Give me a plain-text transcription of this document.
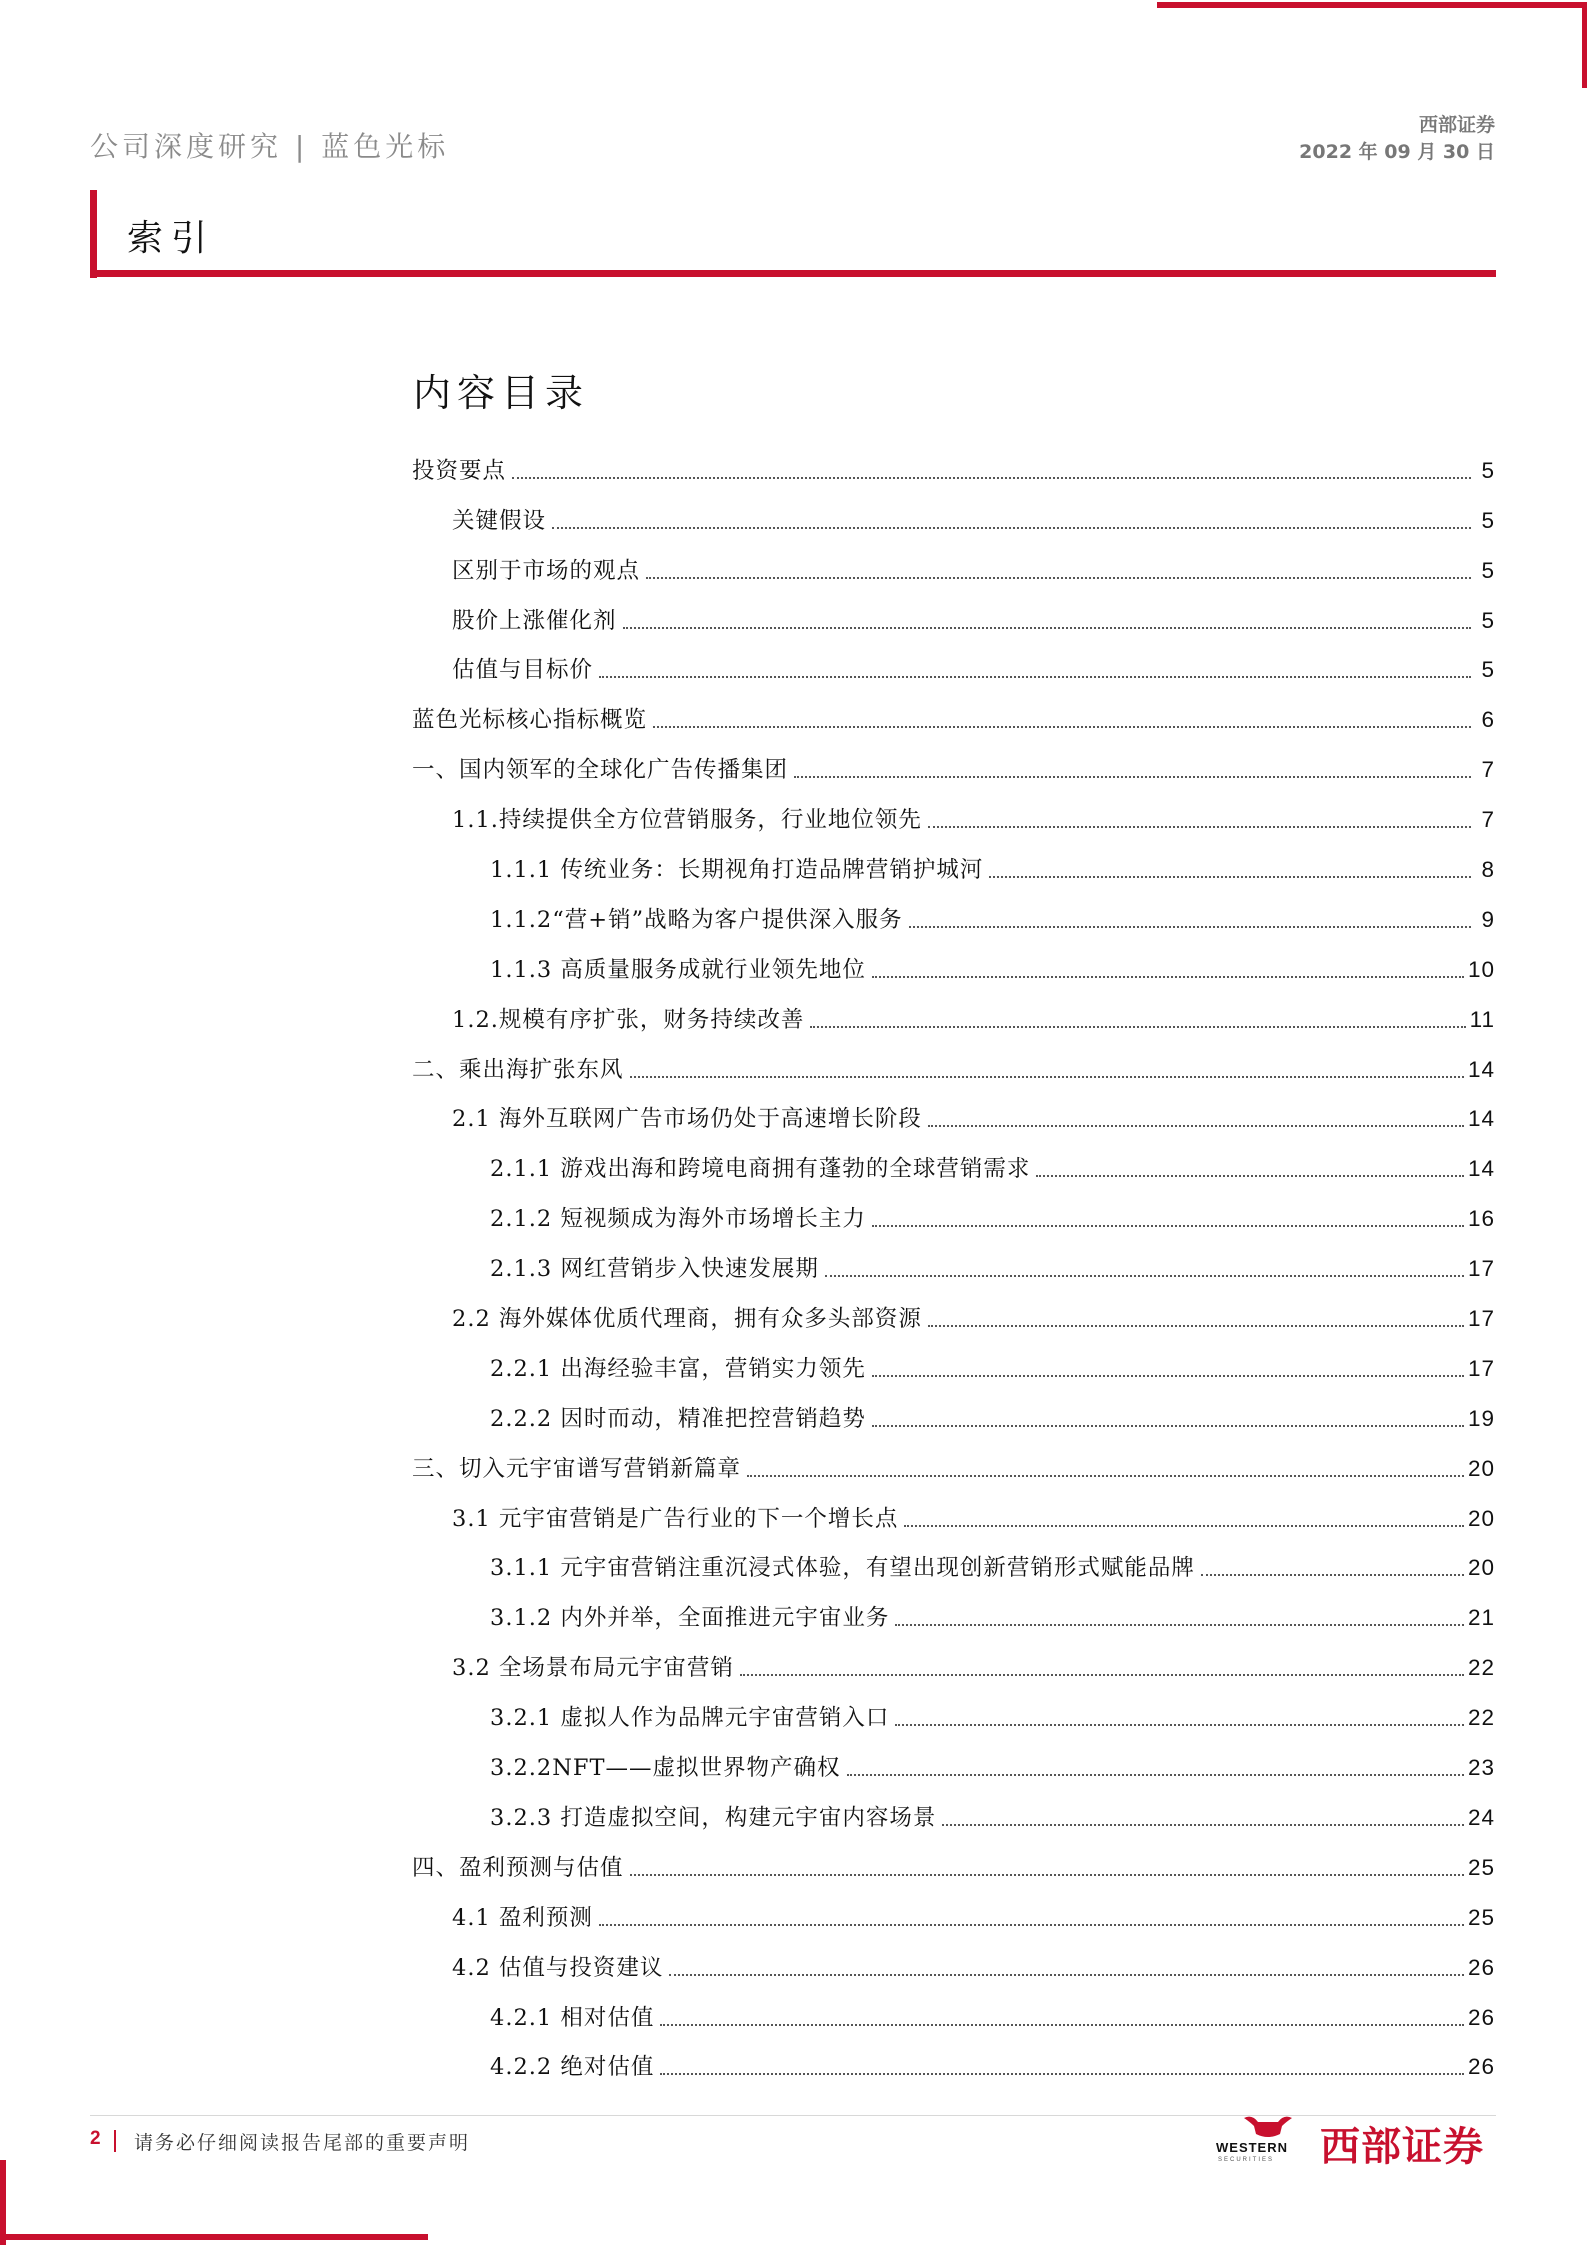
公司深度研究 | 蓝色光标
西部证券
2022 年 09 月 30 日
索引
内容目录
投资要点	5
关键假设	5
区别于市场的观点	5
股价上涨催化剂	5
估值与目标价	5
蓝色光标核心指标概览	6
一、国内领军的全球化广告传播集团	7
1.1.持续提供全方位营销服务，行业地位领先	7
1.1.1 传统业务：长期视角打造品牌营销护城河	8
1.1.2“营+销”战略为客户提供深入服务	9
1.1.3 高质量服务成就行业领先地位	10
1.2.规模有序扩张，财务持续改善	11
二、乘出海扩张东风	14
2.1 海外互联网广告市场仍处于高速增长阶段	14
2.1.1 游戏出海和跨境电商拥有蓬勃的全球营销需求	14
2.1.2 短视频成为海外市场增长主力	16
2.1.3 网红营销步入快速发展期	17
2.2 海外媒体优质代理商，拥有众多头部资源	17
2.2.1 出海经验丰富，营销实力领先	17
2.2.2 因时而动，精准把控营销趋势	19
三、切入元宇宙谱写营销新篇章	20
3.1 元宇宙营销是广告行业的下一个增长点	20
3.1.1 元宇宙营销注重沉浸式体验，有望出现创新营销形式赋能品牌	20
3.1.2 内外并举，全面推进元宇宙业务	21
3.2 全场景布局元宇宙营销	22
3.2.1 虚拟人作为品牌元宇宙营销入口	22
3.2.2NFT——虚拟世界物产确权	23
3.2.3 打造虚拟空间，构建元宇宙内容场景	24
四、盈利预测与估值	25
4.1 盈利预测	25
4.2 估值与投资建议	26
4.2.1 相对估值	26
4.2.2 绝对估值	26
2 请务必仔细阅读报告尾部的重要声明	WESTERN
SECURITIES 西部证券
